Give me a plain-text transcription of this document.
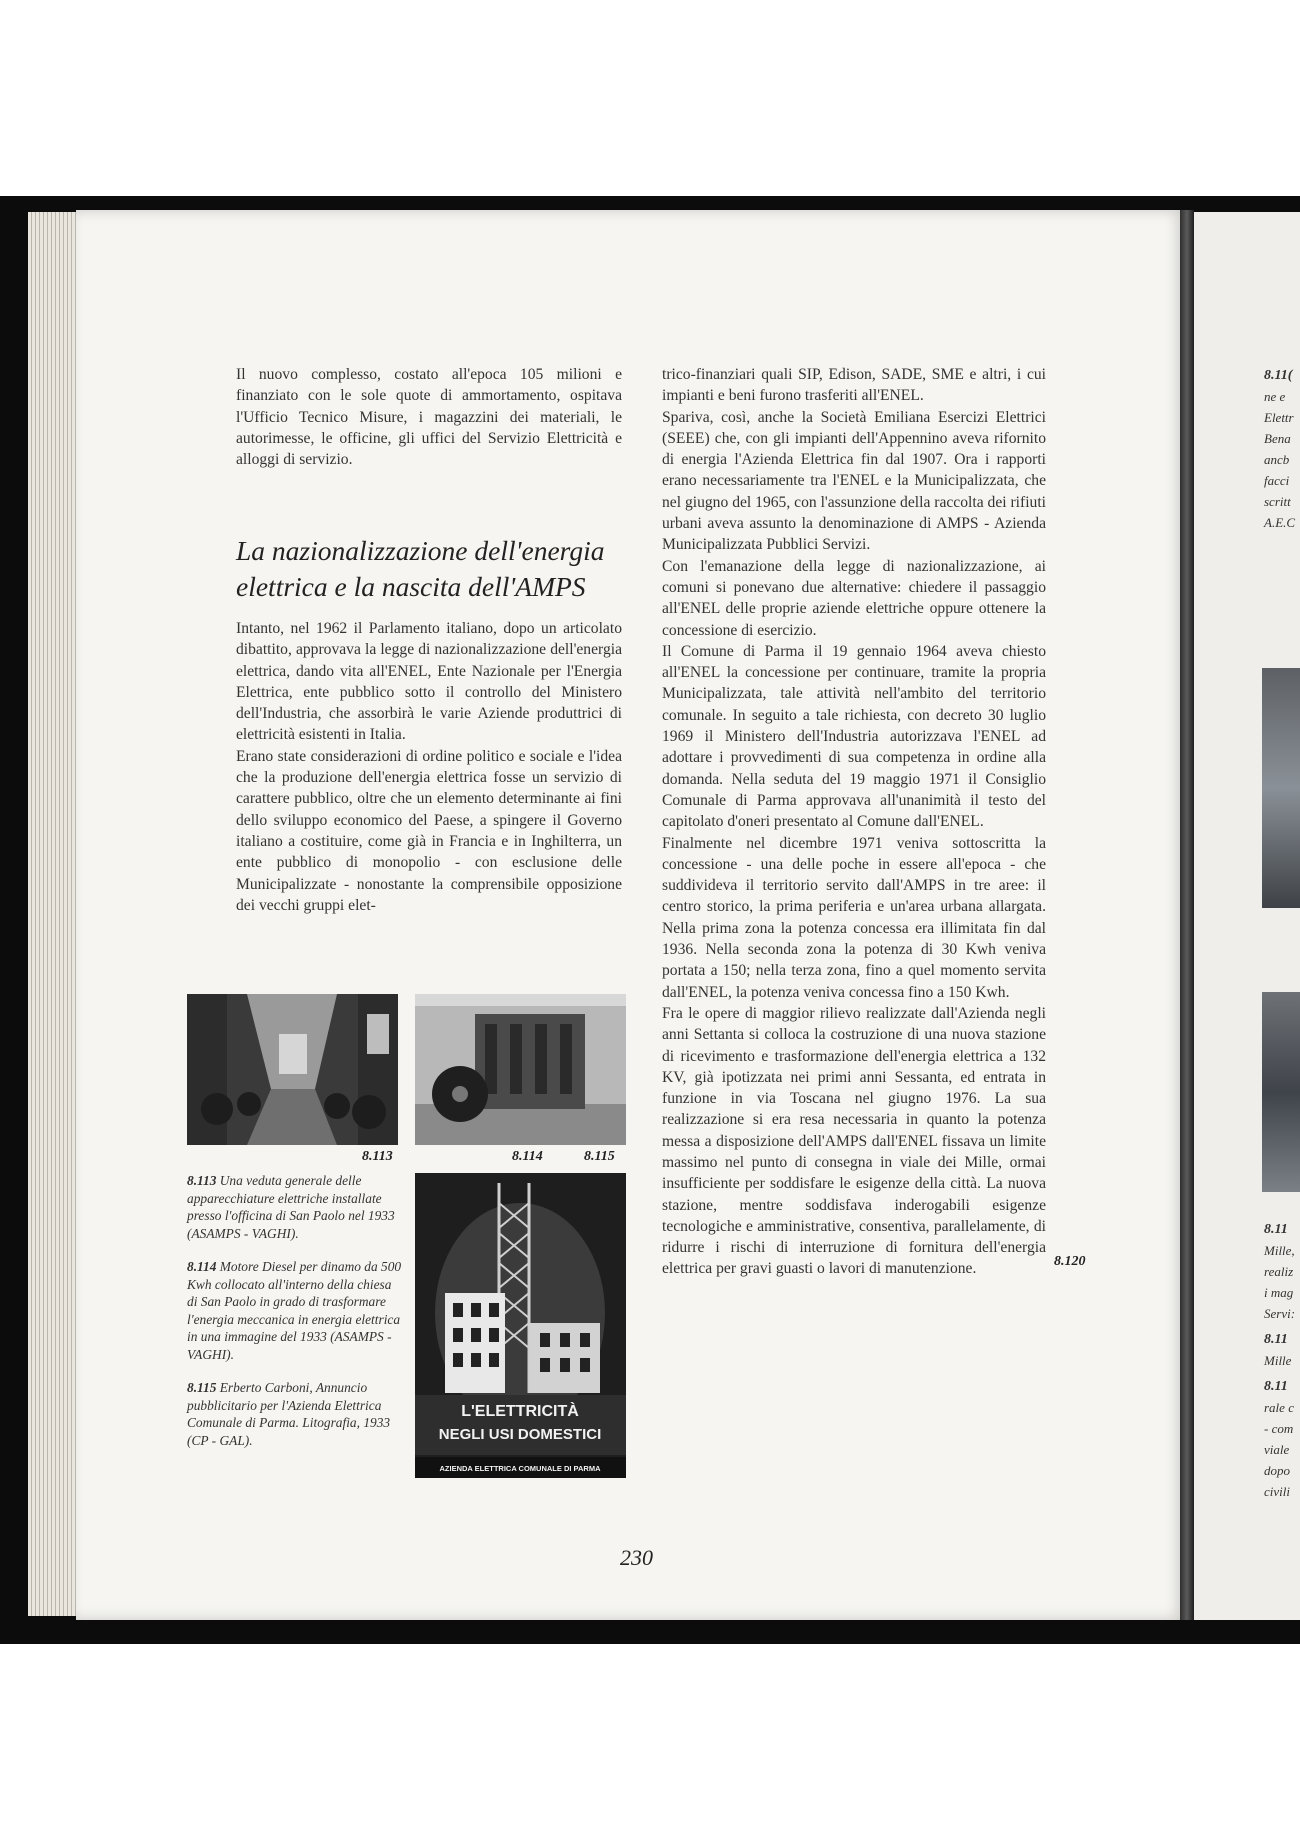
8.11(
ne e
Elettr
Bena
ancb
facci
scritt
A.E.C
8.11
Mille,
realiz
i mag
Servi:
8.11
Mille
8.11
rale c
- com
viale
dopo
civili

Il nuovo complesso, costato all'epoca 105 milioni e finanziato con le sole quote di ammortamento, ospitava l'Ufficio Tecnico Misure, i magazzini dei materiali, le autorimesse, le officine, gli uffici del Servizio Elettricità e alloggi di servizio.

La nazionalizzazione dell'energia elettrica e la nascita dell'AMPS

Intanto, nel 1962 il Parlamento italiano, dopo un articolato dibattito, approvava la legge di nazionalizzazione dell'energia elettrica, dando vita all'ENEL, Ente Nazionale per l'Energia Elettrica, ente pubblico sotto il controllo del Ministero dell'Industria, che assorbirà le varie Aziende produttrici di elettricità esistenti in Italia.

Erano state considerazioni di ordine politico e sociale e l'idea che la produzione dell'energia elettrica fosse un servizio di carattere pubblico, oltre che un elemento determinante ai fini dello sviluppo economico del Paese, a spingere il Governo italiano a costituire, come già in Francia e in Inghilterra, un ente pubblico di monopolio - con esclusione delle Municipalizzate - nonostante la comprensibile opposizione dei vecchi gruppi elet-

trico-finanziari quali SIP, Edison, SADE, SME e altri, i cui impianti e beni furono trasferiti all'ENEL.

Spariva, così, anche la Società Emiliana Esercizi Elettrici (SEEE) che, con gli impianti dell'Appennino aveva rifornito di energia l'Azienda Elettrica fin dal 1907. Ora i rapporti erano necessariamente tra l'ENEL e la Municipalizzata, che nel giugno del 1965, con l'assunzione della raccolta dei rifiuti urbani aveva assunto la denominazione di AMPS - Azienda Municipalizzata Pubblici Servizi.

Con l'emanazione della legge di nazionalizzazione, ai comuni si ponevano due alternative: chiedere il passaggio all'ENEL delle proprie aziende elettriche oppure ottenere la concessione di esercizio.

Il Comune di Parma il 19 gennaio 1964 aveva chiesto all'ENEL la concessione per continuare, tramite la propria Municipalizzata, tale attività nell'ambito del territorio comunale. In seguito a tale richiesta, con decreto 30 luglio 1969 il Ministero dell'Industria autorizzava l'ENEL ad adottare i provvedimenti di sua competenza in ordine alla domanda. Nella seduta del 19 maggio 1971 il Consiglio Comunale di Parma approvava all'unanimità il testo del capitolato d'oneri presentato al Comune dall'ENEL.

Finalmente nel dicembre 1971 veniva sottoscritta la concessione - una delle poche in essere all'epoca - che suddivideva il territorio servito dall'AMPS in tre aree: il centro storico, la prima periferia e un'area urbana allargata. Nella prima zona la potenza concessa era illimitata fin dal 1936. Nella seconda zona la potenza di 30 Kwh veniva portata a 150; nella terza zona, fino a quel momento servita dall'ENEL, la potenza veniva concessa fino a 150 Kwh.

Fra le opere di maggior rilievo realizzate dall'Azienda negli anni Settanta si colloca la costruzione di una nuova stazione di ricevimento e trasformazione dell'energia elettrica a 132 KV, già ipotizzata nei primi anni Sessanta, ed entrata in funzione in via Toscana nel giugno 1976. La sua realizzazione si era resa necessaria in quanto la potenza messa a disposizione dell'AMPS dall'ENEL fissava un limite massimo nel punto di consegna in viale dei Mille, ormai insufficiente per soddisfare le esigenze della città. La nuova stazione, mentre soddisfava inderogabili esigenze tecnologiche e amministrative, consentiva, parallelamente, di ridurre i rischi di interruzione di fornitura dell'energia elettrica per gravi guasti o lavori di manutenzione.	8.120
8.113	8.114	8.115
L'ELETTRICITÀ
NEGLI USI DOMESTICI
AZIENDA ELETTRICA COMUNALE DI PARMA

8.113 Una veduta generale delle apparecchiature elettriche installate presso l'officina di San Paolo nel 1933 (ASAMPS - VAGHI).

8.114 Motore Diesel per dinamo da 500 Kwh collocato all'interno della chiesa di San Paolo in grado di trasformare l'energia meccanica in energia elettrica in una immagine del 1933 (ASAMPS - VAGHI).

8.115 Erberto Carboni, Annuncio pubblicitario per l'Azienda Elettrica Comunale di Parma. Litografia, 1933 (CP - GAL).

230
